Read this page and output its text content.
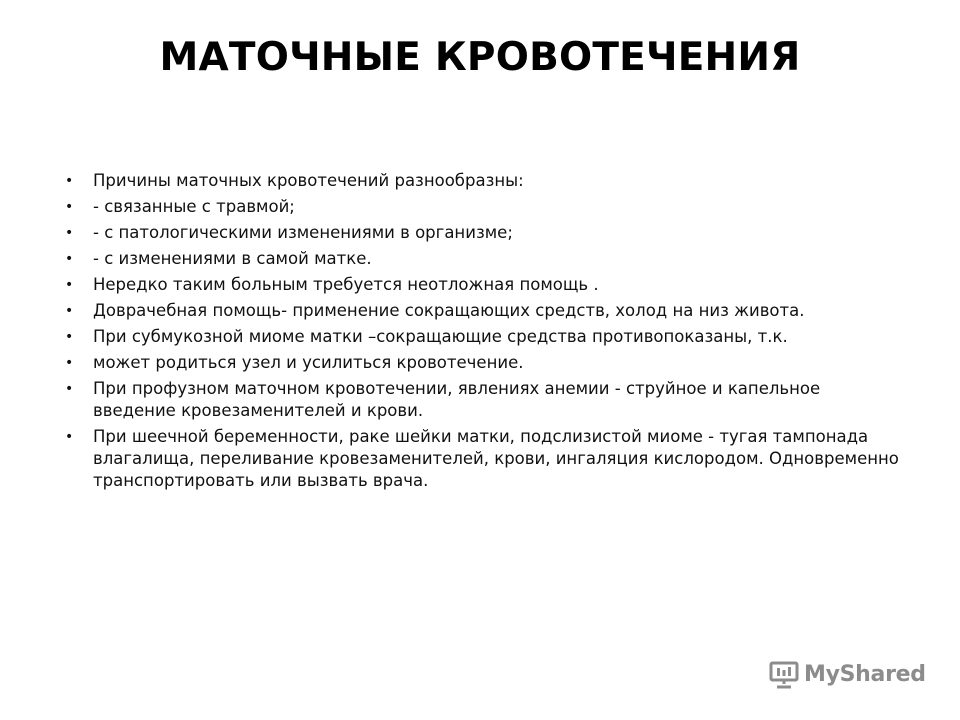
МАТОЧНЫЕ КРОВОТЕЧЕНИЯ
•	Причины маточных кровотечений разнообразны:
•	- связанные с травмой;
•	- с патологическими изменениями в организме;
•	- с изменениями в самой матке.
•	Нередко таким больным требуется неотложная помощь .
•	Доврачебная помощь- применение сокращающих средств, холод на низ живота.
•	При субмукозной миоме матки –сокращающие средства противопоказаны, т.к.
•	может родиться узел и усилиться кровотечение.
•	При профузном маточном кровотечении, явлениях анемии - струйное и капельное введение кровезаменителей и крови.
•	При шеечной беременности, раке шейки матки, подслизистой миоме - тугая тампонада влагалища, переливание кровезаменителей, крови, ингаляция кислородом. Одновременно транспортировать или вызвать врача.
MyShared
